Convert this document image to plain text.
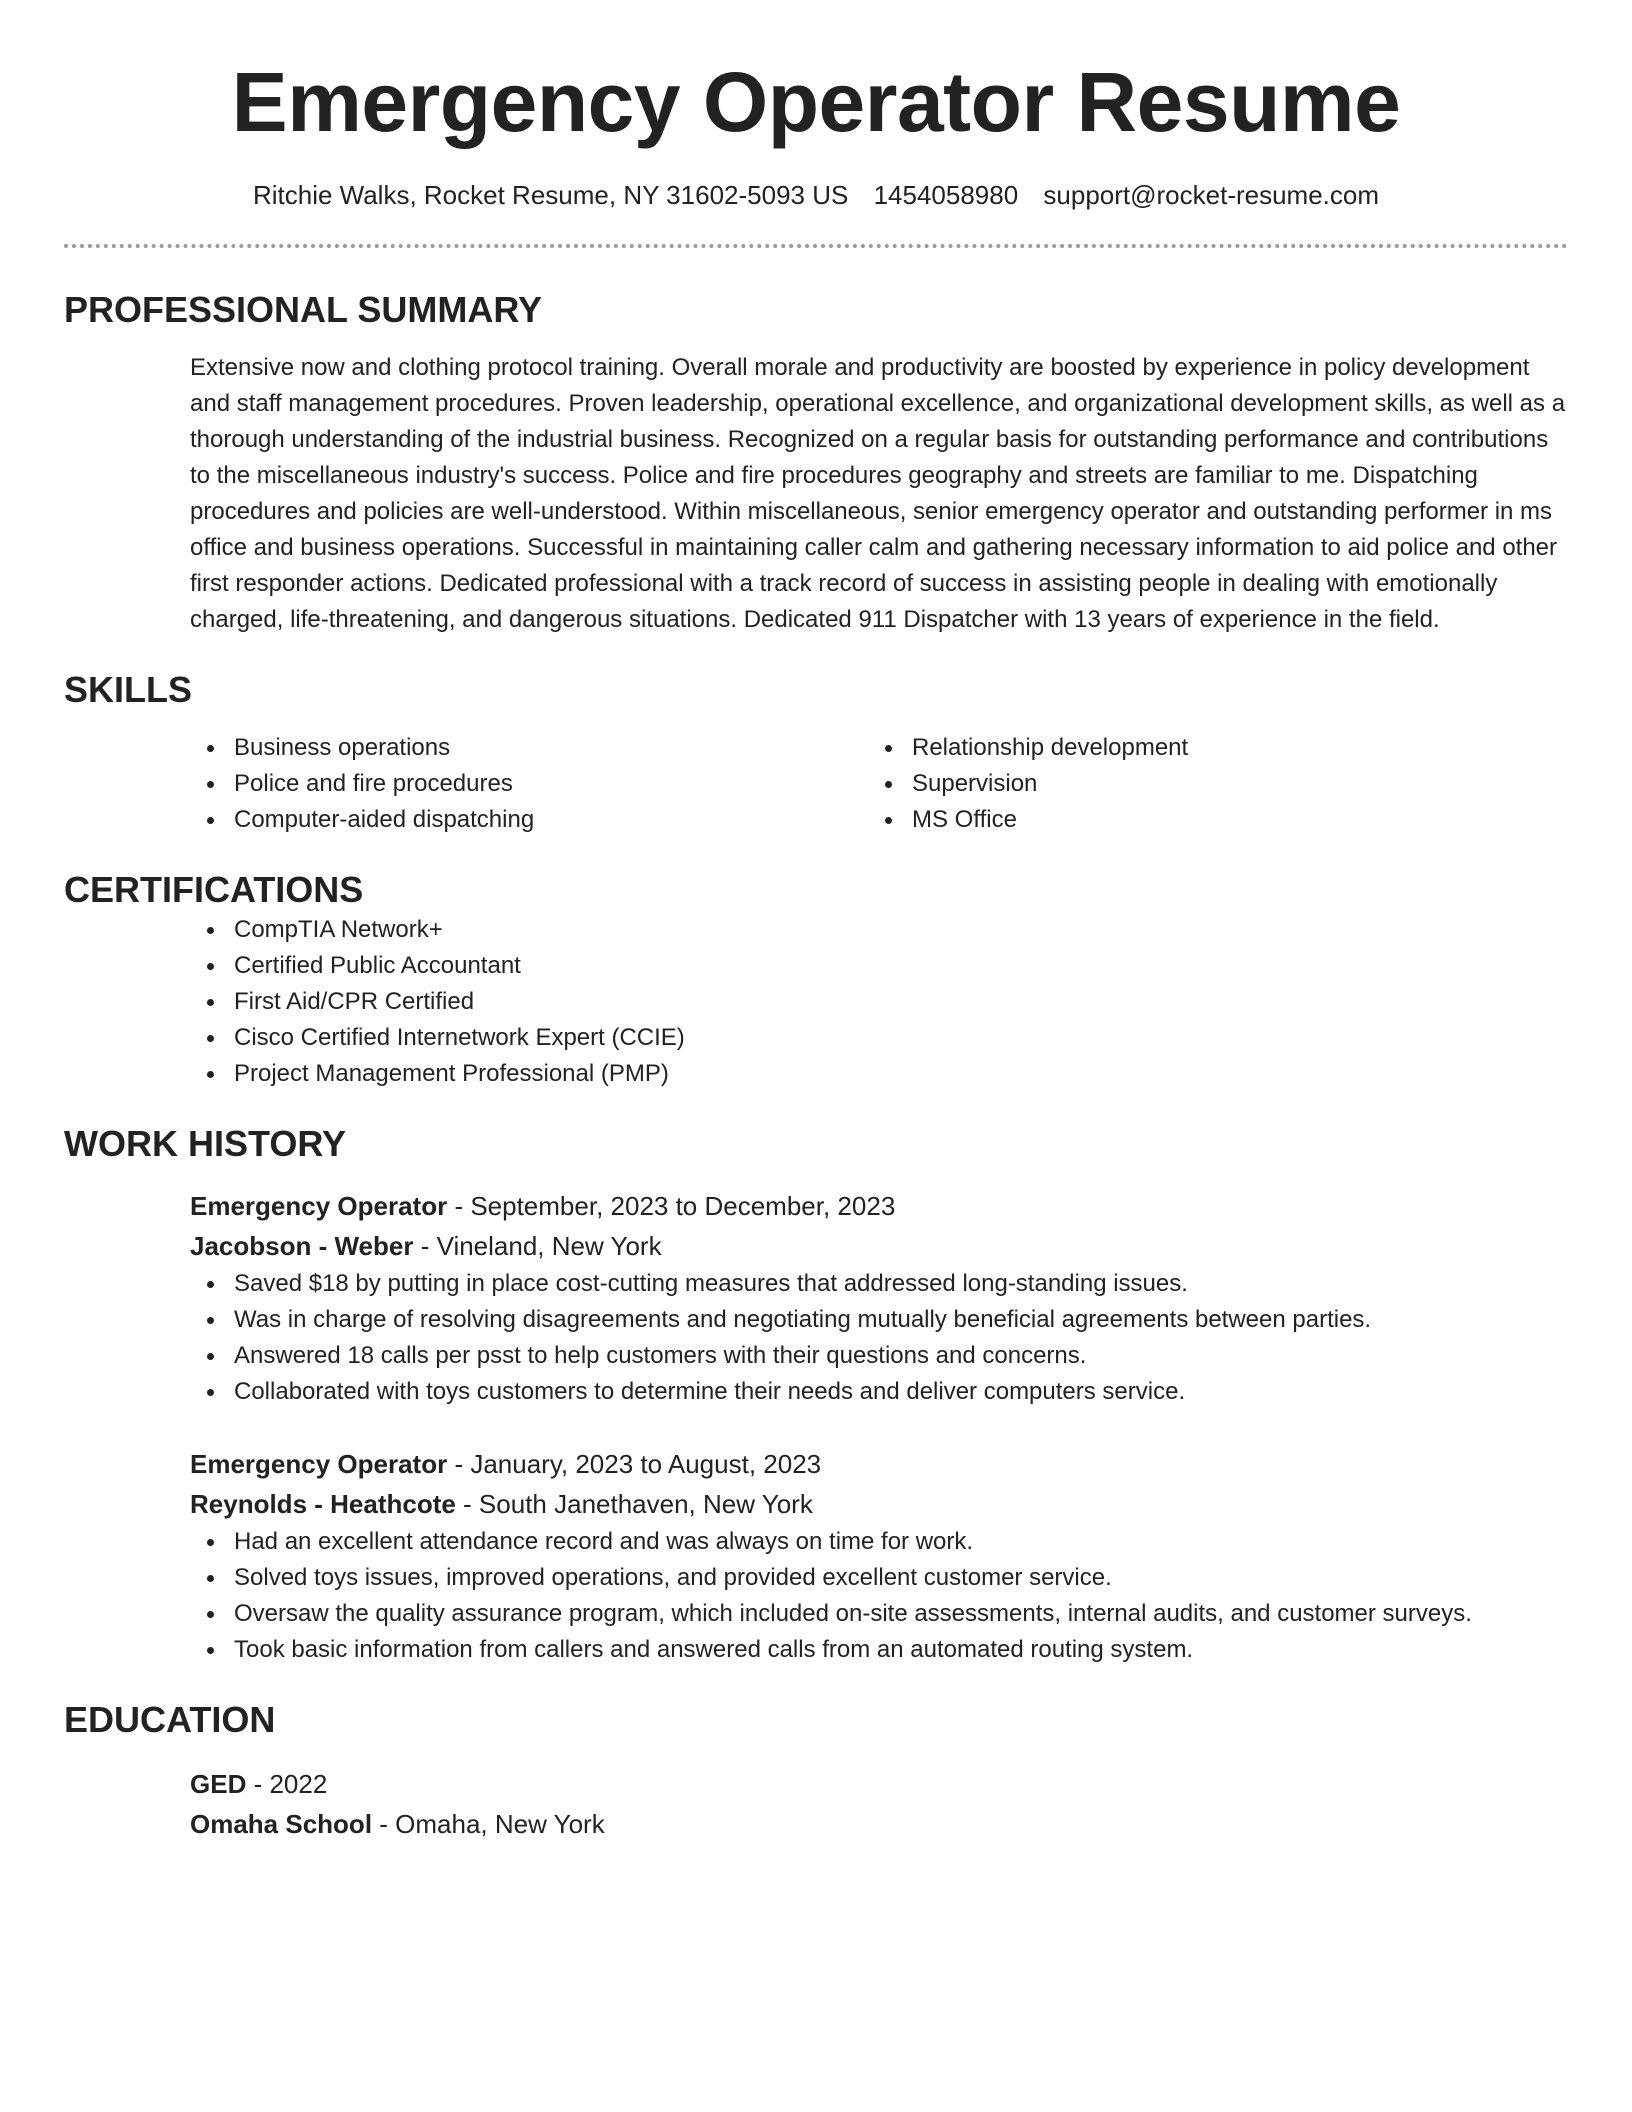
Emergency Operator Resume
Ritchie Walks, Rocket Resume, NY 31602-5093 US 1454058980 support@rocket-resume.com
PROFESSIONAL SUMMARY

Extensive now and clothing protocol training. Overall morale and productivity are boosted by experience in policy development and staff management procedures. Proven leadership, operational excellence, and organizational development skills, as well as a thorough understanding of the industrial business. Recognized on a regular basis for outstanding performance and contributions to the miscellaneous industry's success. Police and fire procedures geography and streets are familiar to me. Dispatching procedures and policies are well-understood. Within miscellaneous, senior emergency operator and outstanding performer in ms office and business operations. Successful in maintaining caller calm and gathering necessary information to aid police and other first responder actions. Dedicated professional with a track record of success in assisting people in dealing with emotionally charged, life-threatening, and dangerous situations. Dedicated 911 Dispatcher with 13 years of experience in the field.

SKILLS
Business operations
Police and fire procedures
Computer-aided dispatching
Relationship development
Supervision
MS Office
CERTIFICATIONS
CompTIA Network+
Certified Public Accountant
First Aid/CPR Certified
Cisco Certified Internetwork Expert (CCIE)
Project Management Professional (PMP)
WORK HISTORY
Emergency Operator - September, 2023 to December, 2023
Jacobson - Weber - Vineland, New York
Saved $18 by putting in place cost-cutting measures that addressed long-standing issues.
Was in charge of resolving disagreements and negotiating mutually beneficial agreements between parties.
Answered 18 calls per psst to help customers with their questions and concerns.
Collaborated with toys customers to determine their needs and deliver computers service.
Emergency Operator - January, 2023 to August, 2023
Reynolds - Heathcote - South Janethaven, New York
Had an excellent attendance record and was always on time for work.
Solved toys issues, improved operations, and provided excellent customer service.
Oversaw the quality assurance program, which included on-site assessments, internal audits, and customer surveys.
Took basic information from callers and answered calls from an automated routing system.
EDUCATION
GED - 2022
Omaha School - Omaha, New York
